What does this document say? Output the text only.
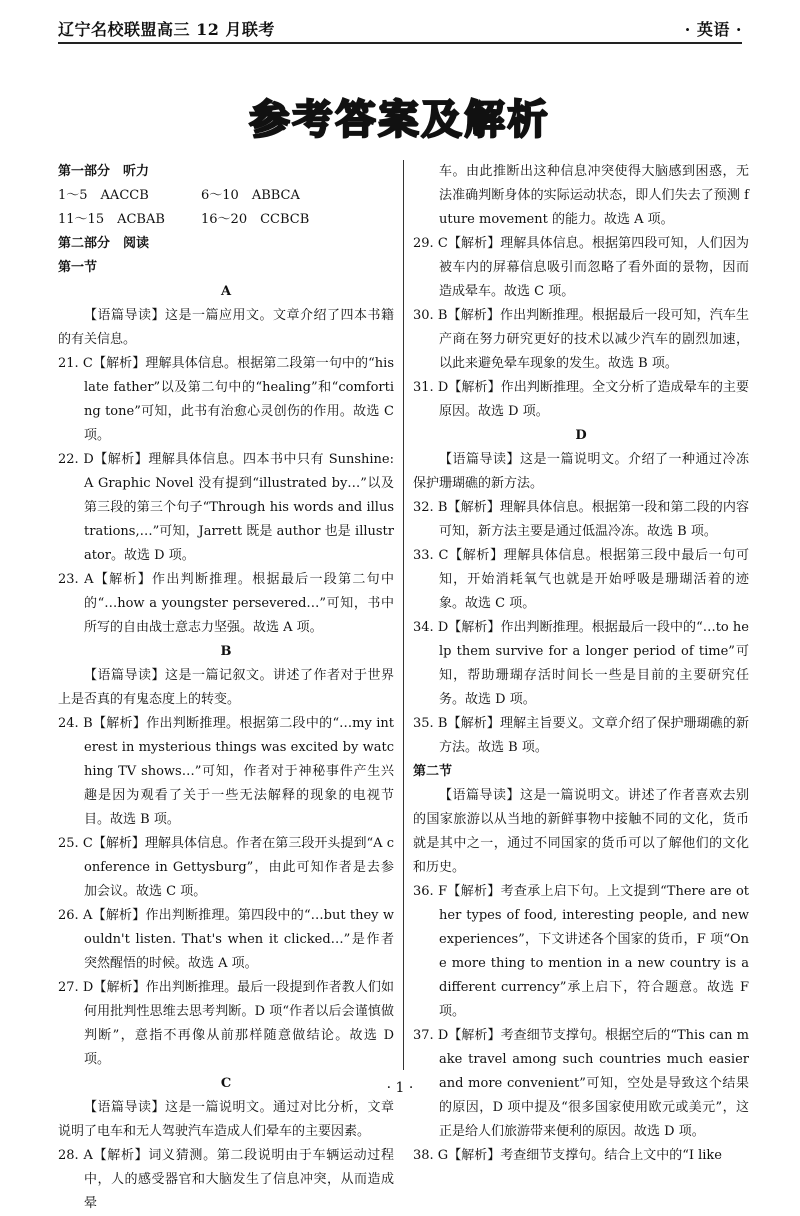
辽宁名校联盟高三 12 月联考	· 英语 ·
参考答案及解析
第一部分　听力
1～5　AACCB	6～10　ABBCA
11～15　ACBAB	16～20　CCBCB
第二部分　阅读
第一节
A

【语篇导读】这是一篇应用文。文章介绍了四本书籍的有关信息。

21. C【解析】理解具体信息。根据第二段第一句中的“his late father”以及第二句中的“healing”和“comforting tone”可知，此书有治愈心灵创伤的作用。故选 C 项。

22. D【解析】理解具体信息。四本书中只有 Sunshine: A Graphic Novel 没有提到“illustrated by…”以及第三段的第三个句子“Through his words and illustrations,…”可知，Jarrett 既是 author 也是 illustrator。故选 D 项。

23. A【解析】作出判断推理。根据最后一段第二句中的“…how a youngster persevered…”可知，书中所写的自由战士意志力坚强。故选 A 项。

B

【语篇导读】这是一篇记叙文。讲述了作者对于世界上是否真的有鬼态度上的转变。

24. B【解析】作出判断推理。根据第二段中的“…my interest in mysterious things was excited by watching TV shows…”可知，作者对于神秘事件产生兴趣是因为观看了关于一些无法解释的现象的电视节目。故选 B 项。

25. C【解析】理解具体信息。作者在第三段开头提到“A conference in Gettysburg”，由此可知作者是去参加会议。故选 C 项。

26. A【解析】作出判断推理。第四段中的“…but they wouldn't listen. That's when it clicked…”是作者突然醒悟的时候。故选 A 项。

27. D【解析】作出判断推理。最后一段提到作者教人们如何用批判性思维去思考判断。D 项“作者以后会谨慎做判断”，意指不再像从前那样随意做结论。故选 D 项。

C

【语篇导读】这是一篇说明文。通过对比分析，文章说明了电车和无人驾驶汽车造成人们晕车的主要因素。

28. A【解析】词义猜测。第二段说明由于车辆运动过程中，人的感受器官和大脑发生了信息冲突，从而造成晕

车。由此推断出这种信息冲突使得大脑感到困惑，无法准确判断身体的实际运动状态，即人们失去了预测 future movement 的能力。故选 A 项。

29. C【解析】理解具体信息。根据第四段可知，人们因为被车内的屏幕信息吸引而忽略了看外面的景物，因而造成晕车。故选 C 项。

30. B【解析】作出判断推理。根据最后一段可知，汽车生产商在努力研究更好的技术以减少汽车的剧烈加速，以此来避免晕车现象的发生。故选 B 项。

31. D【解析】作出判断推理。全文分析了造成晕车的主要原因。故选 D 项。

D

【语篇导读】这是一篇说明文。介绍了一种通过冷冻保护珊瑚礁的新方法。

32. B【解析】理解具体信息。根据第一段和第二段的内容可知，新方法主要是通过低温冷冻。故选 B 项。

33. C【解析】理解具体信息。根据第三段中最后一句可知，开始消耗氧气也就是开始呼吸是珊瑚活着的迹象。故选 C 项。

34. D【解析】作出判断推理。根据最后一段中的“…to help them survive for a longer period of time”可知，帮助珊瑚存活时间长一些是目前的主要研究任务。故选 D 项。

35. B【解析】理解主旨要义。文章介绍了保护珊瑚礁的新方法。故选 B 项。

第二节

【语篇导读】这是一篇说明文。讲述了作者喜欢去别的国家旅游以从当地的新鲜事物中接触不同的文化，货币就是其中之一，通过不同国家的货币可以了解他们的文化和历史。

36. F【解析】考查承上启下句。上文提到“There are other types of food, interesting people, and new experiences”，下文讲述各个国家的货币，F 项“One more thing to mention in a new country is a different currency”承上启下，符合题意。故选 F 项。

37. D【解析】考查细节支撑句。根据空后的“This can make travel among such countries much easier and more convenient”可知，空处是导致这个结果的原因，D 项中提及“很多国家使用欧元或美元”，这正是给人们旅游带来便利的原因。故选 D 项。

38. G【解析】考查细节支撑句。结合上文中的“I like

· 1 ·
